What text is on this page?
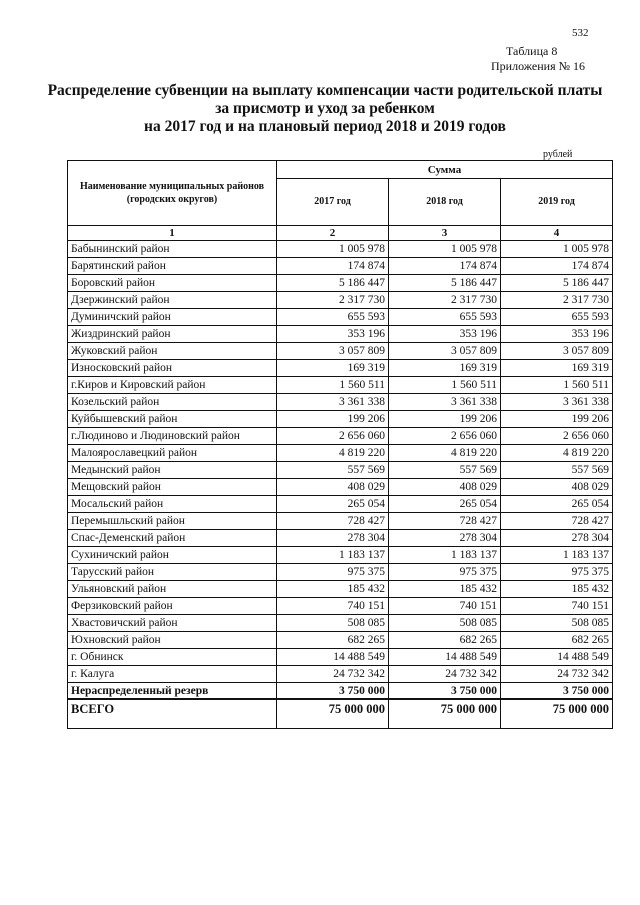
532
Таблица 8
Приложения № 16
Распределение субвенции на выплату компенсации части родительской платы
за присмотр и уход за ребенком
на 2017 год и на плановый период 2018 и 2019 годов
рублей
Наименование муниципальных районов (городских округов)	Сумма		
	2017 год	2018 год	2019 год
1	2	3	4
Бабынинский район	1 005 978	1 005 978	1 005 978
Барятинский район	174 874	174 874	174 874
Боровский район	5 186 447	5 186 447	5 186 447
Дзержинский район	2 317 730	2 317 730	2 317 730
Думиничский район	655 593	655 593	655 593
Жиздринский район	353 196	353 196	353 196
Жуковский район	3 057 809	3 057 809	3 057 809
Износковский район	169 319	169 319	169 319
г.Киров и Кировский район	1 560 511	1 560 511	1 560 511
Козельский район	3 361 338	3 361 338	3 361 338
Куйбышевский район	199 206	199 206	199 206
г.Людиново и Людиновский район	2 656 060	2 656 060	2 656 060
Малоярославецкий район	4 819 220	4 819 220	4 819 220
Медынский район	557 569	557 569	557 569
Мещовский район	408 029	408 029	408 029
Мосальский район	265 054	265 054	265 054
Перемышльский район	728 427	728 427	728 427
Спас-Деменский район	278 304	278 304	278 304
Сухиничский район	1 183 137	1 183 137	1 183 137
Тарусский район	975 375	975 375	975 375
Ульяновский район	185 432	185 432	185 432
Ферзиковский район	740 151	740 151	740 151
Хвастовичский район	508 085	508 085	508 085
Юхновский район	682 265	682 265	682 265
г. Обнинск	14 488 549	14 488 549	14 488 549
г. Калуга	24 732 342	24 732 342	24 732 342
Нераспределенный резерв	3 750 000	3 750 000	3 750 000
ВСЕГО	75 000 000	75 000 000	75 000 000
